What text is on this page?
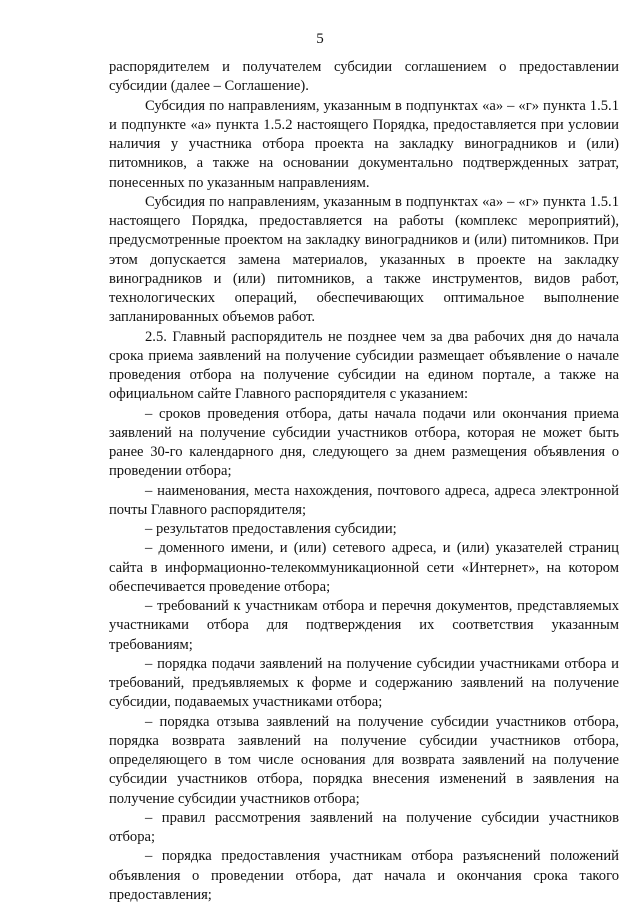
5

распорядителем и получателем субсидии соглашением о предоставлении субсидии (далее – Соглашение).

Субсидия по направлениям, указанным в подпунктах «а» – «г» пункта 1.5.1 и подпункте «а» пункта 1.5.2 настоящего Порядка, предоставляется при условии наличия у участника отбора проекта на закладку виноградников и (или) питомников, а также на основании документально подтвержденных затрат, понесенных по указанным направлениям.

Субсидия по направлениям, указанным в подпунктах «а» – «г» пункта 1.5.1 настоящего Порядка, предоставляется на работы (комплекс мероприятий), предусмотренные проектом на закладку виноградников и (или) питомников. При этом допускается замена материалов, указанных в проекте на закладку виноградников и (или) питомников, а также инструментов, видов работ, технологических операций, обеспечивающих оптимальное выполнение запланированных объемов работ.

2.5. Главный распорядитель не позднее чем за два рабочих дня до начала срока приема заявлений на получение субсидии размещает объявление о начале проведения отбора на получение субсидии на едином портале, а также на официальном сайте Главного распорядителя с указанием:

– сроков проведения отбора, даты начала подачи или окончания приема заявлений на получение субсидии участников отбора, которая не может быть ранее 30-го календарного дня, следующего за днем размещения объявления о проведении отбора;

– наименования, места нахождения, почтового адреса, адреса электронной почты Главного распорядителя;

– результатов предоставления субсидии;

– доменного имени, и (или) сетевого адреса, и (или) указателей страниц сайта в информационно-телекоммуникационной сети «Интернет», на котором обеспечивается проведение отбора;

– требований к участникам отбора и перечня документов, представляемых участниками отбора для подтверждения их соответствия указанным требованиям;

– порядка подачи заявлений на получение субсидии участниками отбора и требований, предъявляемых к форме и содержанию заявлений на получение субсидии, подаваемых участниками отбора;

– порядка отзыва заявлений на получение субсидии участников отбора, порядка возврата заявлений на получение субсидии участников отбора, определяющего в том числе основания для возврата заявлений на получение субсидии участников отбора, порядка внесения изменений в заявления на получение субсидии участников отбора;

– правил рассмотрения заявлений на получение субсидии участников отбора;

– порядка предоставления участникам отбора разъяснений положений объявления о проведении отбора, дат начала и окончания срока такого предоставления;
